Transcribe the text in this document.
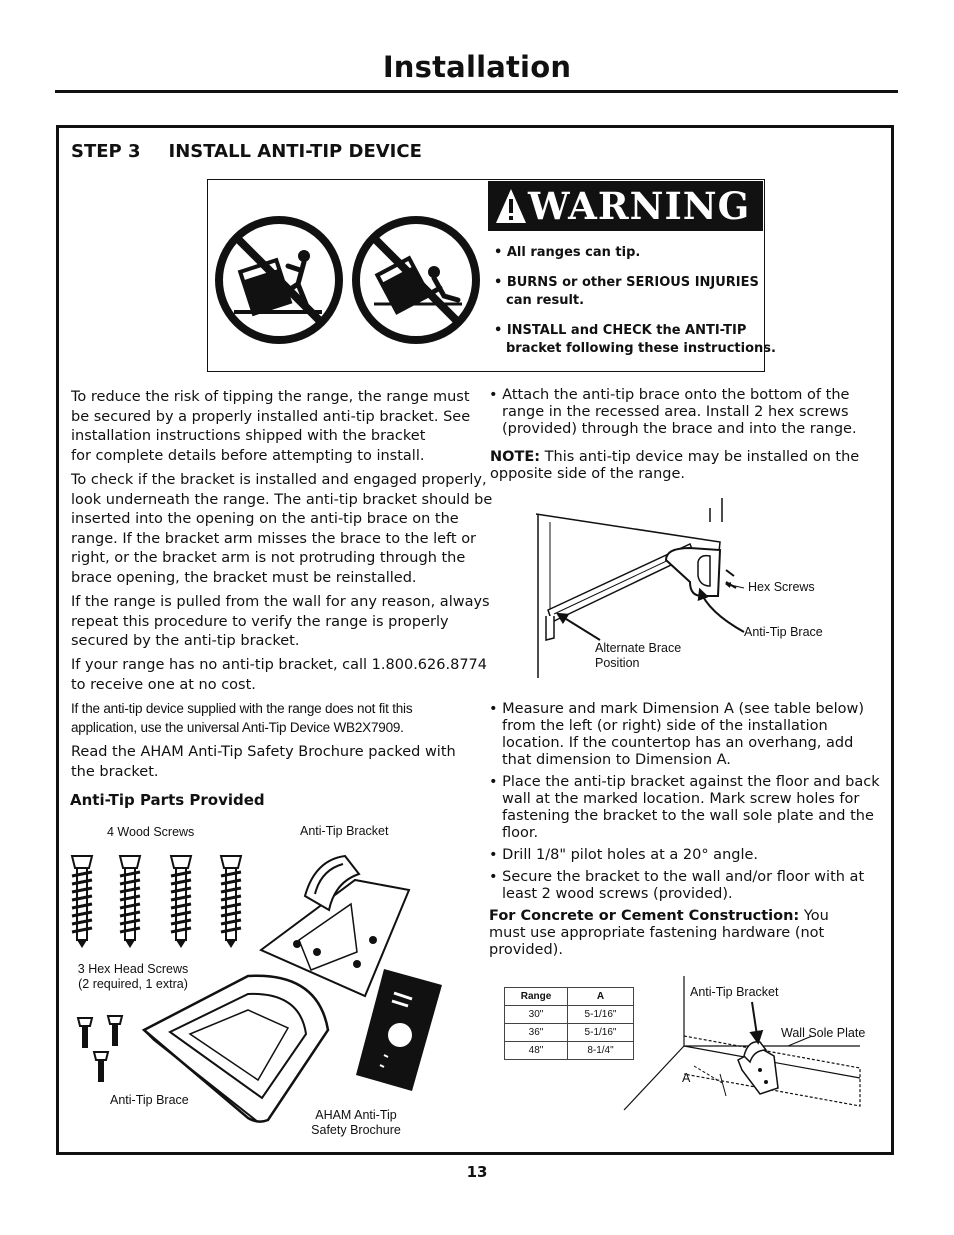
Installation
STEP 3 INSTALL ANTI-TIP DEVICE
WARNING
• All ranges can tip.
• BURNS or other SERIOUS INJURIES
can result.
• INSTALL and CHECK the ANTI-TIP
bracket following these instructions.
To reduce the risk of tipping the range, the range must
be secured by a properly installed anti-tip bracket. See
installation instructions shipped with the bracket
for complete details before attempting to install.
To check if the bracket is installed and engaged properly,
look underneath the range. The anti-tip bracket should be
inserted into the opening on the anti-tip brace on the
range. If the bracket arm misses the brace to the left or
right, or the bracket arm is not protruding through the
brace opening, the bracket must be reinstalled.
If the range is pulled from the wall for any reason, always
repeat this procedure to verify the range is properly
secured by the anti-tip bracket.
If your range has no anti-tip bracket, call 1.800.626.8774
to receive one at no cost.
If the anti-tip device supplied with the range does not fit this
application, use the universal Anti-Tip Device WB2X7909.
Read the AHAM Anti-Tip Safety Brochure packed with
the bracket.
Anti-Tip Parts Provided
4 Wood Screws	Anti-Tip Bracket
3 Hex Head Screws
(2 required, 1 extra)
Anti-Tip Brace
AHAM Anti-Tip
Safety Brochure
• Attach the anti-tip brace onto the bottom of the range in the recessed area. Install 2 hex screws (provided) through the brace and into the range.
NOTE: This anti-tip device may be installed on the opposite side of the range.
Hex Screws
Anti-Tip Brace
Alternate Brace
Position
• Measure and mark Dimension A (see table below) from the left (or right) side of the installation location. If the countertop has an overhang, add that dimension to Dimension A.
• Place the anti-tip bracket against the floor and back wall at the marked location. Mark screw holes for fastening the bracket to the wall sole plate and the floor.
• Drill 1/8" pilot holes at a 20° angle.
• Secure the bracket to the wall and/or floor with at least 2 wood screws (provided).
For Concrete or Cement Construction: You must use appropriate fastening hardware (not provided).
Range	A
30"	5-1/16"
36"	5-1/16"
48"	8-1/4"
Anti-Tip Bracket
Wall Sole Plate
A
13
